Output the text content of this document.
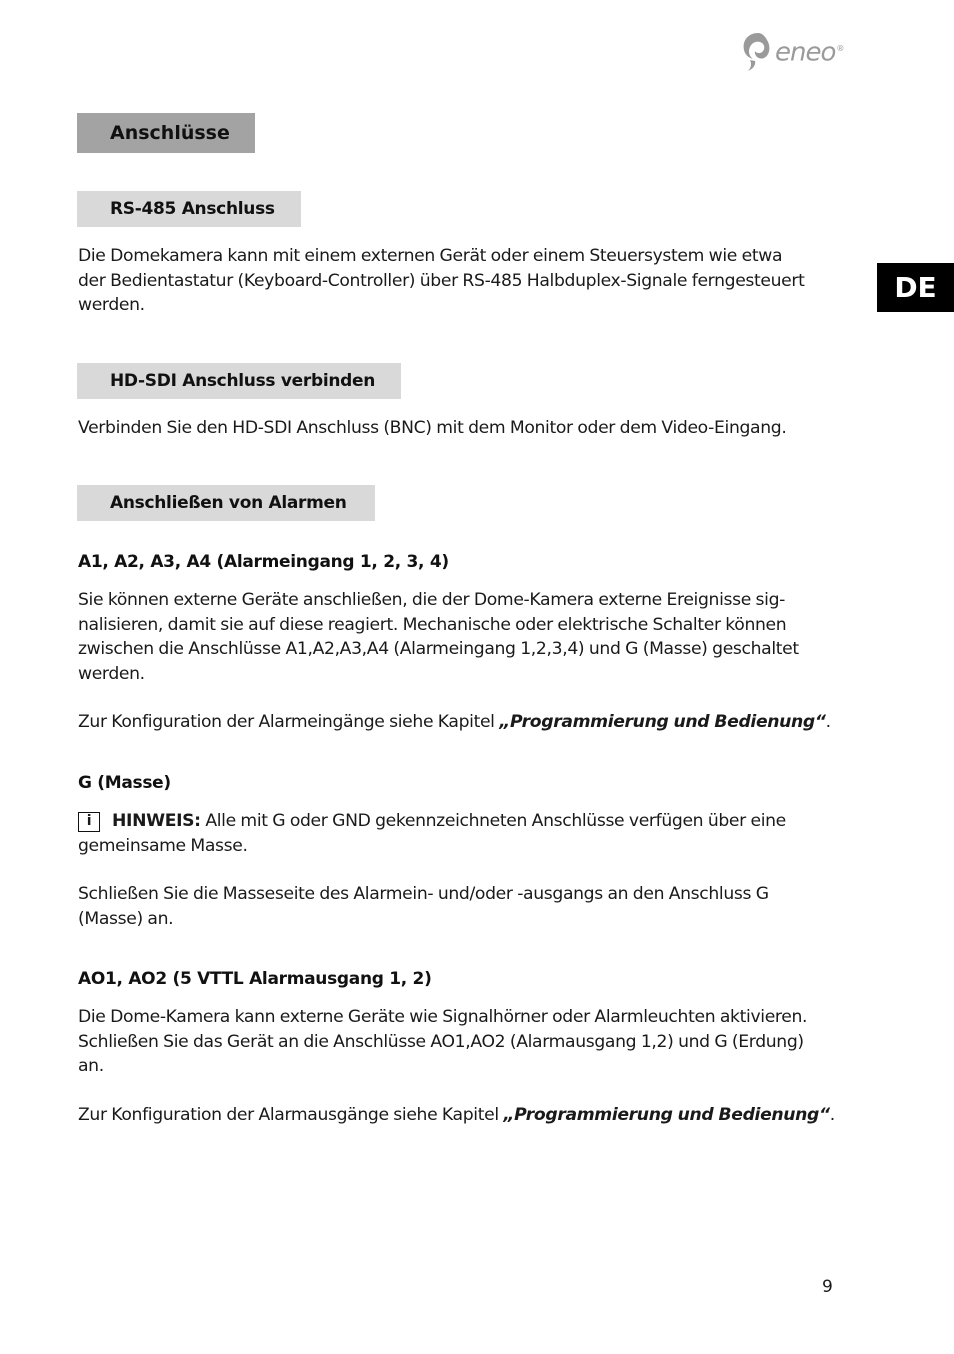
eneo®
DE
Anschlüsse
RS-485 Anschluss
Die Domekamera kann mit einem externen Gerät oder einem Steuersystem wie etwa
der Bedientastatur (Keyboard-Controller) über RS-485 Halbduplex-Signale ferngesteuert
werden.
HD-SDI Anschluss verbinden
Verbinden Sie den HD-SDI Anschluss (BNC) mit dem Monitor oder dem Video-Eingang.
Anschließen von Alarmen
A1, A2, A3, A4 (Alarmeingang 1, 2, 3, 4)
Sie können externe Geräte anschließen, die der Dome-Kamera externe Ereignisse sig-
nalisieren, damit sie auf diese reagiert. Mechanische oder elektrische Schalter können
zwischen die Anschlüsse A1,A2,A3,A4 (Alarmeingang 1,2,3,4) und G (Masse) geschaltet
werden.
Zur Konfiguration der Alarmeingänge siehe Kapitel „Programmierung und Bedienung“.
G (Masse)
i HINWEIS: Alle mit G oder GND gekennzeichneten Anschlüsse verfügen über eine
gemeinsame Masse.
Schließen Sie die Masseseite des Alarmein- und/oder -ausgangs an den Anschluss G
(Masse) an.
AO1, AO2 (5 VTTL Alarmausgang 1, 2)
Die Dome-Kamera kann externe Geräte wie Signalhörner oder Alarmleuchten aktivieren.
Schließen Sie das Gerät an die Anschlüsse AO1,AO2 (Alarmausgang 1,2) und G (Erdung)
an.
Zur Konfiguration der Alarmausgänge siehe Kapitel „Programmierung und Bedienung“.
9
